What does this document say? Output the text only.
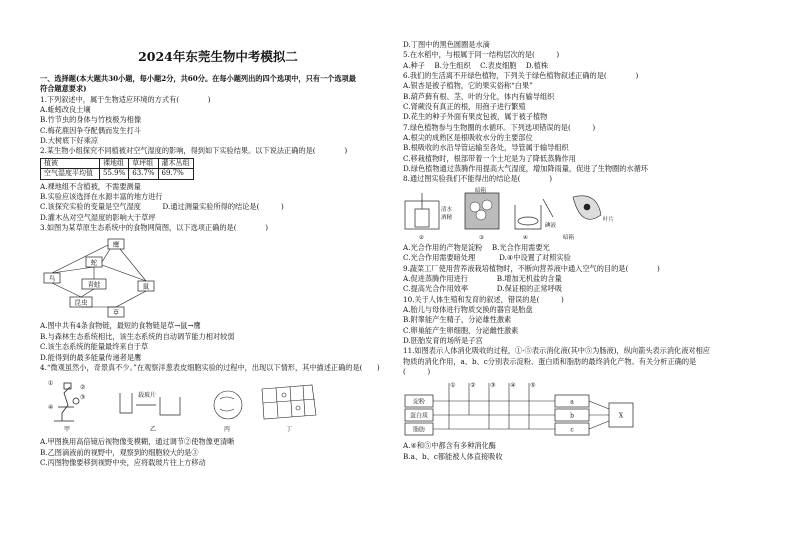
2024年东莞生物中考模拟二

一、选择题(本大题共30小题，每小题2分，共60分。在每小题列出的四个选项中，只有一个选项最

符合题意要求)

1.下列叙述中，属于生物适应环境的方式有(　　　　)

A.蚯蚓改良土壤

B.竹节虫的身体与竹枝极为相像

C.梅花鹿因争夺配偶而发生打斗

D.大树底下好乘凉

2.某生物小组探究不同植被对空气湿度的影响，得到如下实验结果。以下说法正确的是(　　　　)

植被	裸地组	草坪组	灌木丛组
空气湿度平均值	55.9%	63.7%	69.7%

A.裸地组不含植被，不需要测量

B.实验应该选择在水源丰富的地方进行

C.该探究实验的变量是空气湿度　　　D.通过测量实验所得的结论是(　　　)

D.灌木丛对空气湿度的影响大于草坪

3.如图为某草原生态系统中的食物网简图，以下选项正确的是(　　　　)

鹰
蛇
鸟
青蛙	鼠
昆虫
草

A.图中共有4条食物链，最短的食物链是草→鼠→鹰

B.与森林生态系统相比，该生态系统的自动调节能力相对较弱

C.该生态系统的能量最终来自于草

D.能得到的最多能量传递者是鹰

4.“微观虽然小，奇景真不少。”在观察洋葱表皮细胞实验的过程中，出现以下情形，其中描述正确的是(　　)

①
②
③
④
甲
载玻片
乙	丙	丁

A.甲图换用高倍镜后视物像变模糊，通过调节②使物像更清晰

B.乙图滴液前的视野中，观察到的细胞较大的是③

C.丙图物像要移到视野中央，应将载玻片往上方移动

D.丁图中的黑色圆圈是水滴

5.在水稻中，与根属于同一结构层次的是(　　　)

A.种子　 B.分生组织　 C.表皮细胞　 D.植株

6.我们的生活离不开绿色植物，下列关于绿色植物叙述正确的是(　　　　)

A.银杏是被子植物，它的果实俗称“白果”

B.葫芦藓有根、茎、叶的分化，体内有输导组织

C.肾蕨没有真正的根，用孢子进行繁殖

D.花生的种子外面有果皮包被，属于被子植物

7.绿色植物参与生物圈的水循环。下列选项错误的是(　　　)

A.根尖的成熟区是根吸收水分的主要部位

B.根吸收的水沿导管运输至各处，导管属于输导组织

C.移栽植物时，根部带着一个土坨是为了降低蒸腾作用

D.绿色植物通过蒸腾作用提高大气湿度，增加降雨量，促进了生物圈的水循环

8.通过图实验我们不能得出的结论是(　　　　)

清水
酒精
②
暗箱
③
碘液
④
叶片
暗箱

A.光合作用的产物是淀粉　 B.光合作用需要光

C.光合作用需要暗处理　　　 D.④中设置了对照实验

9.蔬菜工厂使用营养液栽培植物时，不断向营养液中通入空气的目的是(　　　　)

A.促进蒸腾作用进行　　　　B.增加无机盐的含量

C.提高光合作用效率　　　　D.保证根的正常呼吸

10.关于人体生殖和发育的叙述，错误的是(　　　)

A.胎儿与母体进行物质交换的器官是胎盘

B.附睾能产生精子，分泌雄性激素

C.卵巢能产生卵细胞，分泌雌性激素

D.胚胎发育的场所是子宫

11.如图表示人体消化吸收的过程，①-⑤表示消化液(其中⑤为肠液)，纵向箭头表示消化液对相应

物质的消化作用，a、b、c分别表示淀粉、蛋白质和脂肪的最终消化产物。有关分析正确的是

(　　　)

淀粉
蛋白质
脂肪
① ② ③ ④ ⑤
a
b
c
X

A.④和⑤中都含有多种消化酶

B.a、b、c都能被人体直接吸收
